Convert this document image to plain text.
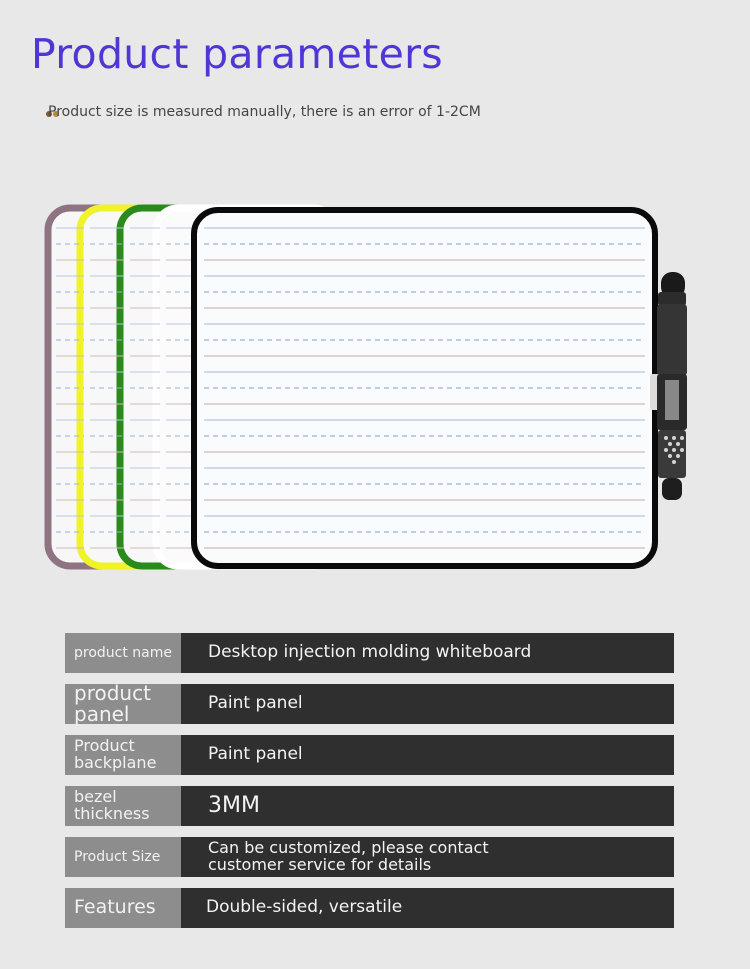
Product parameters
Product size is measured manually, there is an error of 1-2CM
product name	Desktop injection molding whiteboard
product
panel	Paint panel
Product
backplane	Paint panel
bezel
thickness	3MM
Product Size	Can be customized, please contact
customer service for details
Features	Double-sided, versatile
